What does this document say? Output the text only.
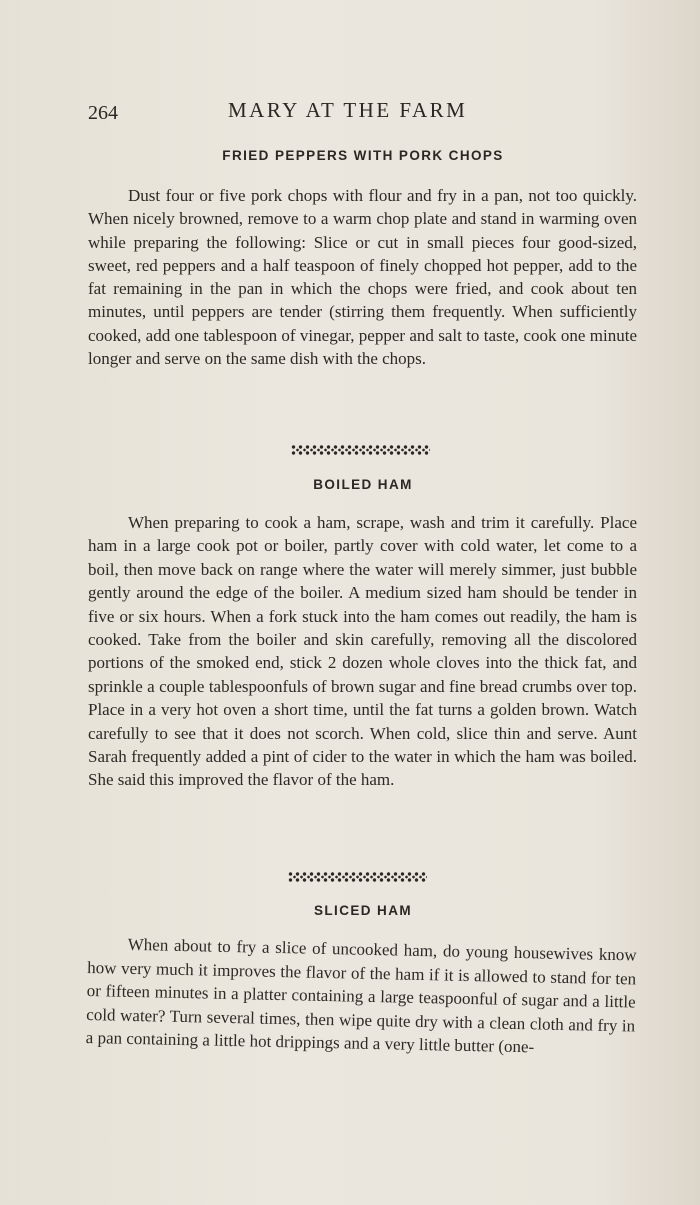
264	MARY AT THE FARM
FRIED PEPPERS WITH PORK CHOPS

Dust four or five pork chops with flour and fry in a pan, not too quickly. When nicely browned, remove to a warm chop plate and stand in warming oven while preparing the following: Slice or cut in small pieces four good-sized, sweet, red peppers and a half teaspoon of finely chopped hot pepper, add to the fat remaining in the pan in which the chops were fried, and cook about ten minutes, until peppers are tender (stirring them frequently. When sufficiently cooked, add one tablespoon of vinegar, pepper and salt to taste, cook one minute longer and serve on the same dish with the chops.

BOILED HAM

When preparing to cook a ham, scrape, wash and trim it carefully. Place ham in a large cook pot or boiler, partly cover with cold water, let come to a boil, then move back on range where the water will merely simmer, just bubble gently around the edge of the boiler. A medium sized ham should be tender in five or six hours. When a fork stuck into the ham comes out readily, the ham is cooked. Take from the boiler and skin carefully, removing all the discolored portions of the smoked end, stick 2 dozen whole cloves into the thick fat, and sprinkle a couple tablespoonfuls of brown sugar and fine bread crumbs over top. Place in a very hot oven a short time, until the fat turns a golden brown. Watch carefully to see that it does not scorch. When cold, slice thin and serve. Aunt Sarah frequently added a pint of cider to the water in which the ham was boiled. She said this improved the flavor of the ham.

SLICED HAM

When about to fry a slice of uncooked ham, do young housewives know how very much it improves the flavor of the ham if it is allowed to stand for ten or fifteen minutes in a platter containing a large teaspoonful of sugar and a little cold water? Turn several times, then wipe quite dry with a clean cloth and fry in a pan containing a little hot drippings and a very little butter (one-
